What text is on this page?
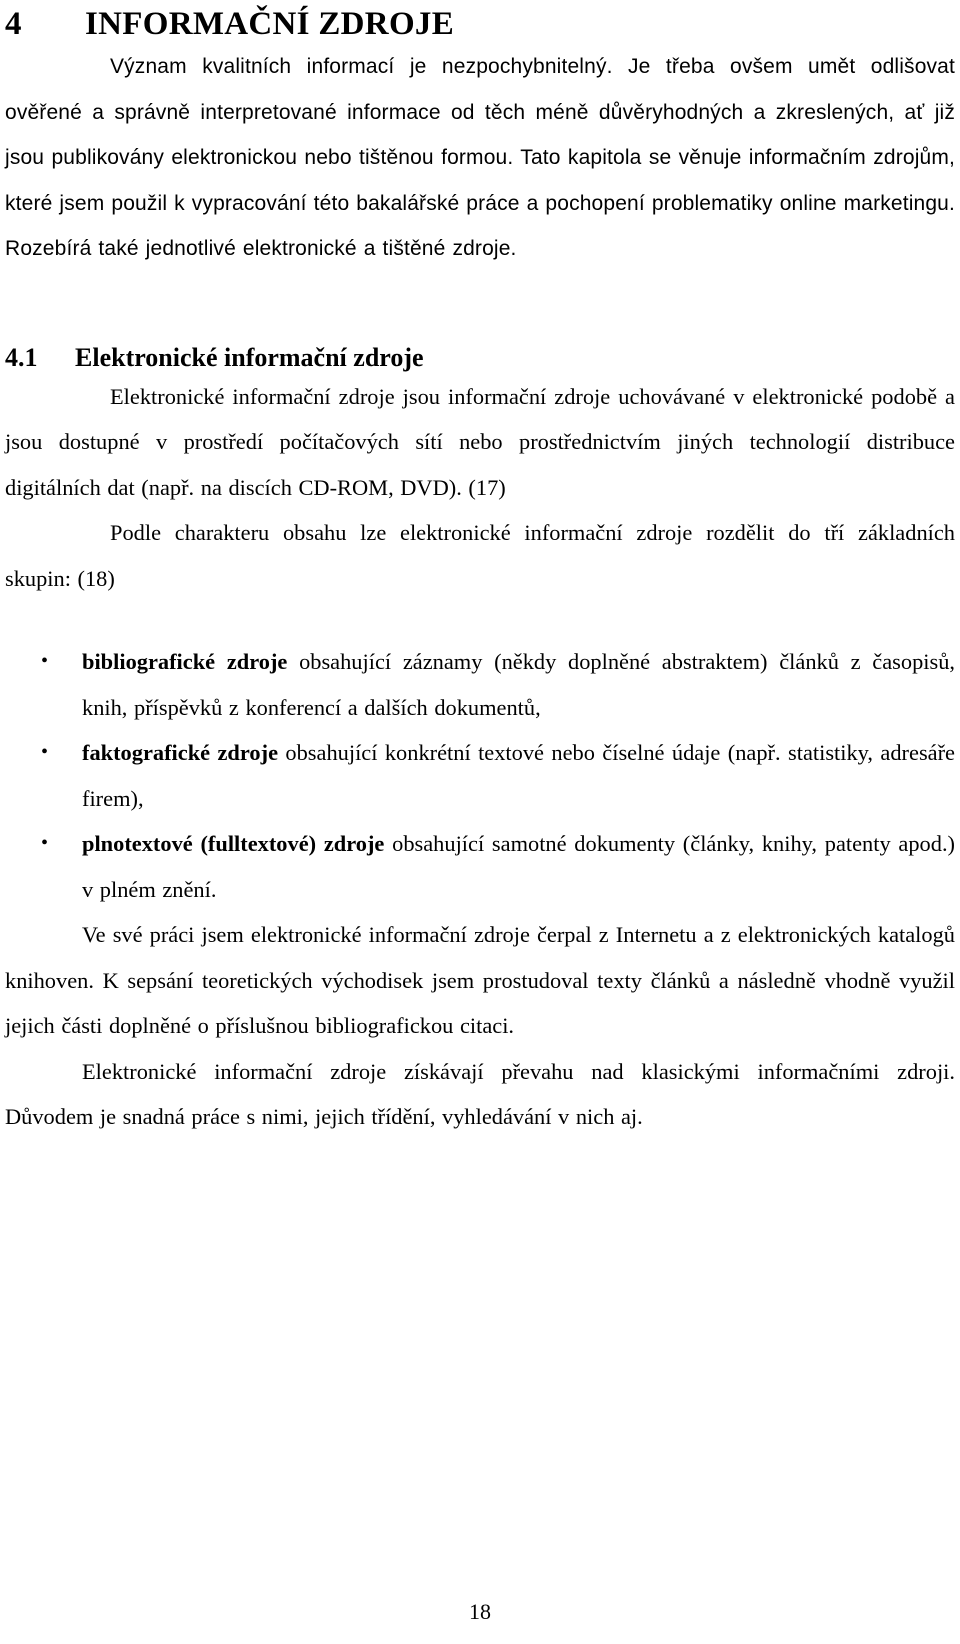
4 INFORMAČNÍ ZDROJE

Význam kvalitních informací je nezpochybnitelný. Je třeba ovšem umět odlišovat ověřené a správně interpretované informace od těch méně důvěryhodných a zkreslených, ať již jsou publikovány elektronickou nebo tištěnou formou. Tato kapitola se věnuje informačním zdrojům, které jsem použil k vypracování této bakalářské práce a pochopení problematiky online marketingu. Rozebírá také jednotlivé elektronické a tištěné zdroje.

4.1 Elektronické informační zdroje

Elektronické informační zdroje jsou informační zdroje uchovávané v elektronické podobě a jsou dostupné v prostředí počítačových sítí nebo prostřednictvím jiných technologií distribuce digitálních dat (např. na discích CD-ROM, DVD). (17)

Podle charakteru obsahu lze elektronické informační zdroje rozdělit do tří základních skupin: (18)

• bibliografické zdroje obsahující záznamy (někdy doplněné abstraktem) článků z časopisů, knih, příspěvků z konferencí a dalších dokumentů,
• faktografické zdroje obsahující konkrétní textové nebo číselné údaje (např. statistiky, adresáře firem),
• plnotextové (fulltextové) zdroje obsahující samotné dokumenty (články, knihy, patenty apod.) v plném znění.

Ve své práci jsem elektronické informační zdroje čerpal z Internetu a z elektronických katalogů knihoven. K sepsání teoretických východisek jsem prostudoval texty článků a následně vhodně využil jejich části doplněné o příslušnou bibliografickou citaci.

Elektronické informační zdroje získávají převahu nad klasickými informačními zdroji. Důvodem je snadná práce s nimi, jejich třídění, vyhledávání v nich aj.

18
